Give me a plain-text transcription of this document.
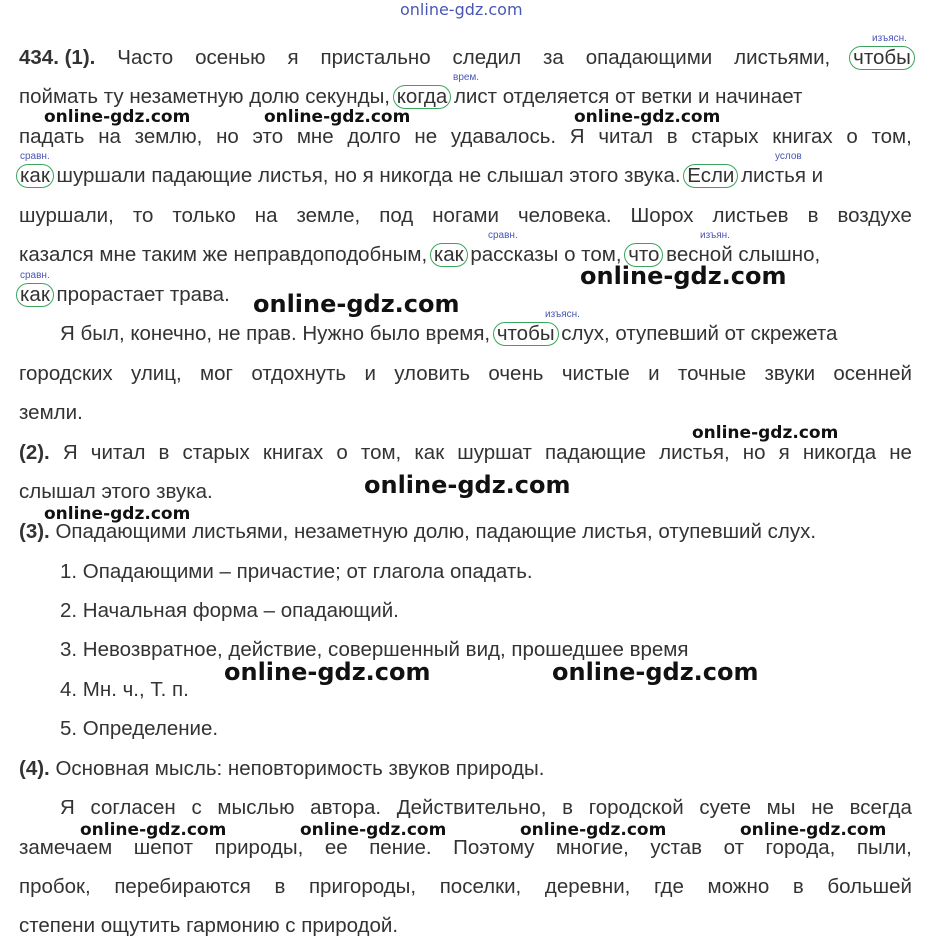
online-gdz.com
434. (1). Часто осенью я пристально следил за опадающими листьями, чтобы
изъясн.
поймать ту незаметную долю секунды, когда лист отделяется от ветки и начинает
врем.
падать на землю, но это мне долго не удавалось. Я читал в старых книгах о том,
как шуршали падающие листья, но я никогда не слышал этого звука. Если листья и
сравн.	услов
шуршали, то только на земле, под ногами человека. Шорох листьев в воздухе
казался мне таким же неправдоподобным, как рассказы о том, что весной слышно,
сравн.	изъян.
как прорастает трава.
сравн.
Я был, конечно, не прав. Нужно было время, чтобы слух, отупевший от скрежета
изъясн.
городских улиц, мог отдохнуть и уловить очень чистые и точные звуки осенней
земли.
(2). Я читал в старых книгах о том, как шуршат падающие листья, но я никогда не
слышал этого звука.
(3). Опадающими листьями, незаметную долю, падающие листья, отупевший слух.
1. Опадающими – причастие; от глагола опадать.
2. Начальная форма – опадающий.
3. Невозвратное, действие, совершенный вид, прошедшее время
4. Мн. ч., Т. п.
5. Определение.
(4). Основная мысль: неповторимость звуков природы.
Я согласен с мыслью автора. Действительно, в городской суете мы не всегда
замечаем шепот природы, ее пение. Поэтому многие, устав от города, пыли,
пробок, перебираются в пригороды, поселки, деревни, где можно в большей
степени ощутить гармонию с природой.
online-gdz.com	online-gdz.com	online-gdz.com
online-gdz.com
online-gdz.com
online-gdz.com
online-gdz.com
online-gdz.com
online-gdz.com	online-gdz.com
online-gdz.com	online-gdz.com	online-gdz.com	online-gdz.com
